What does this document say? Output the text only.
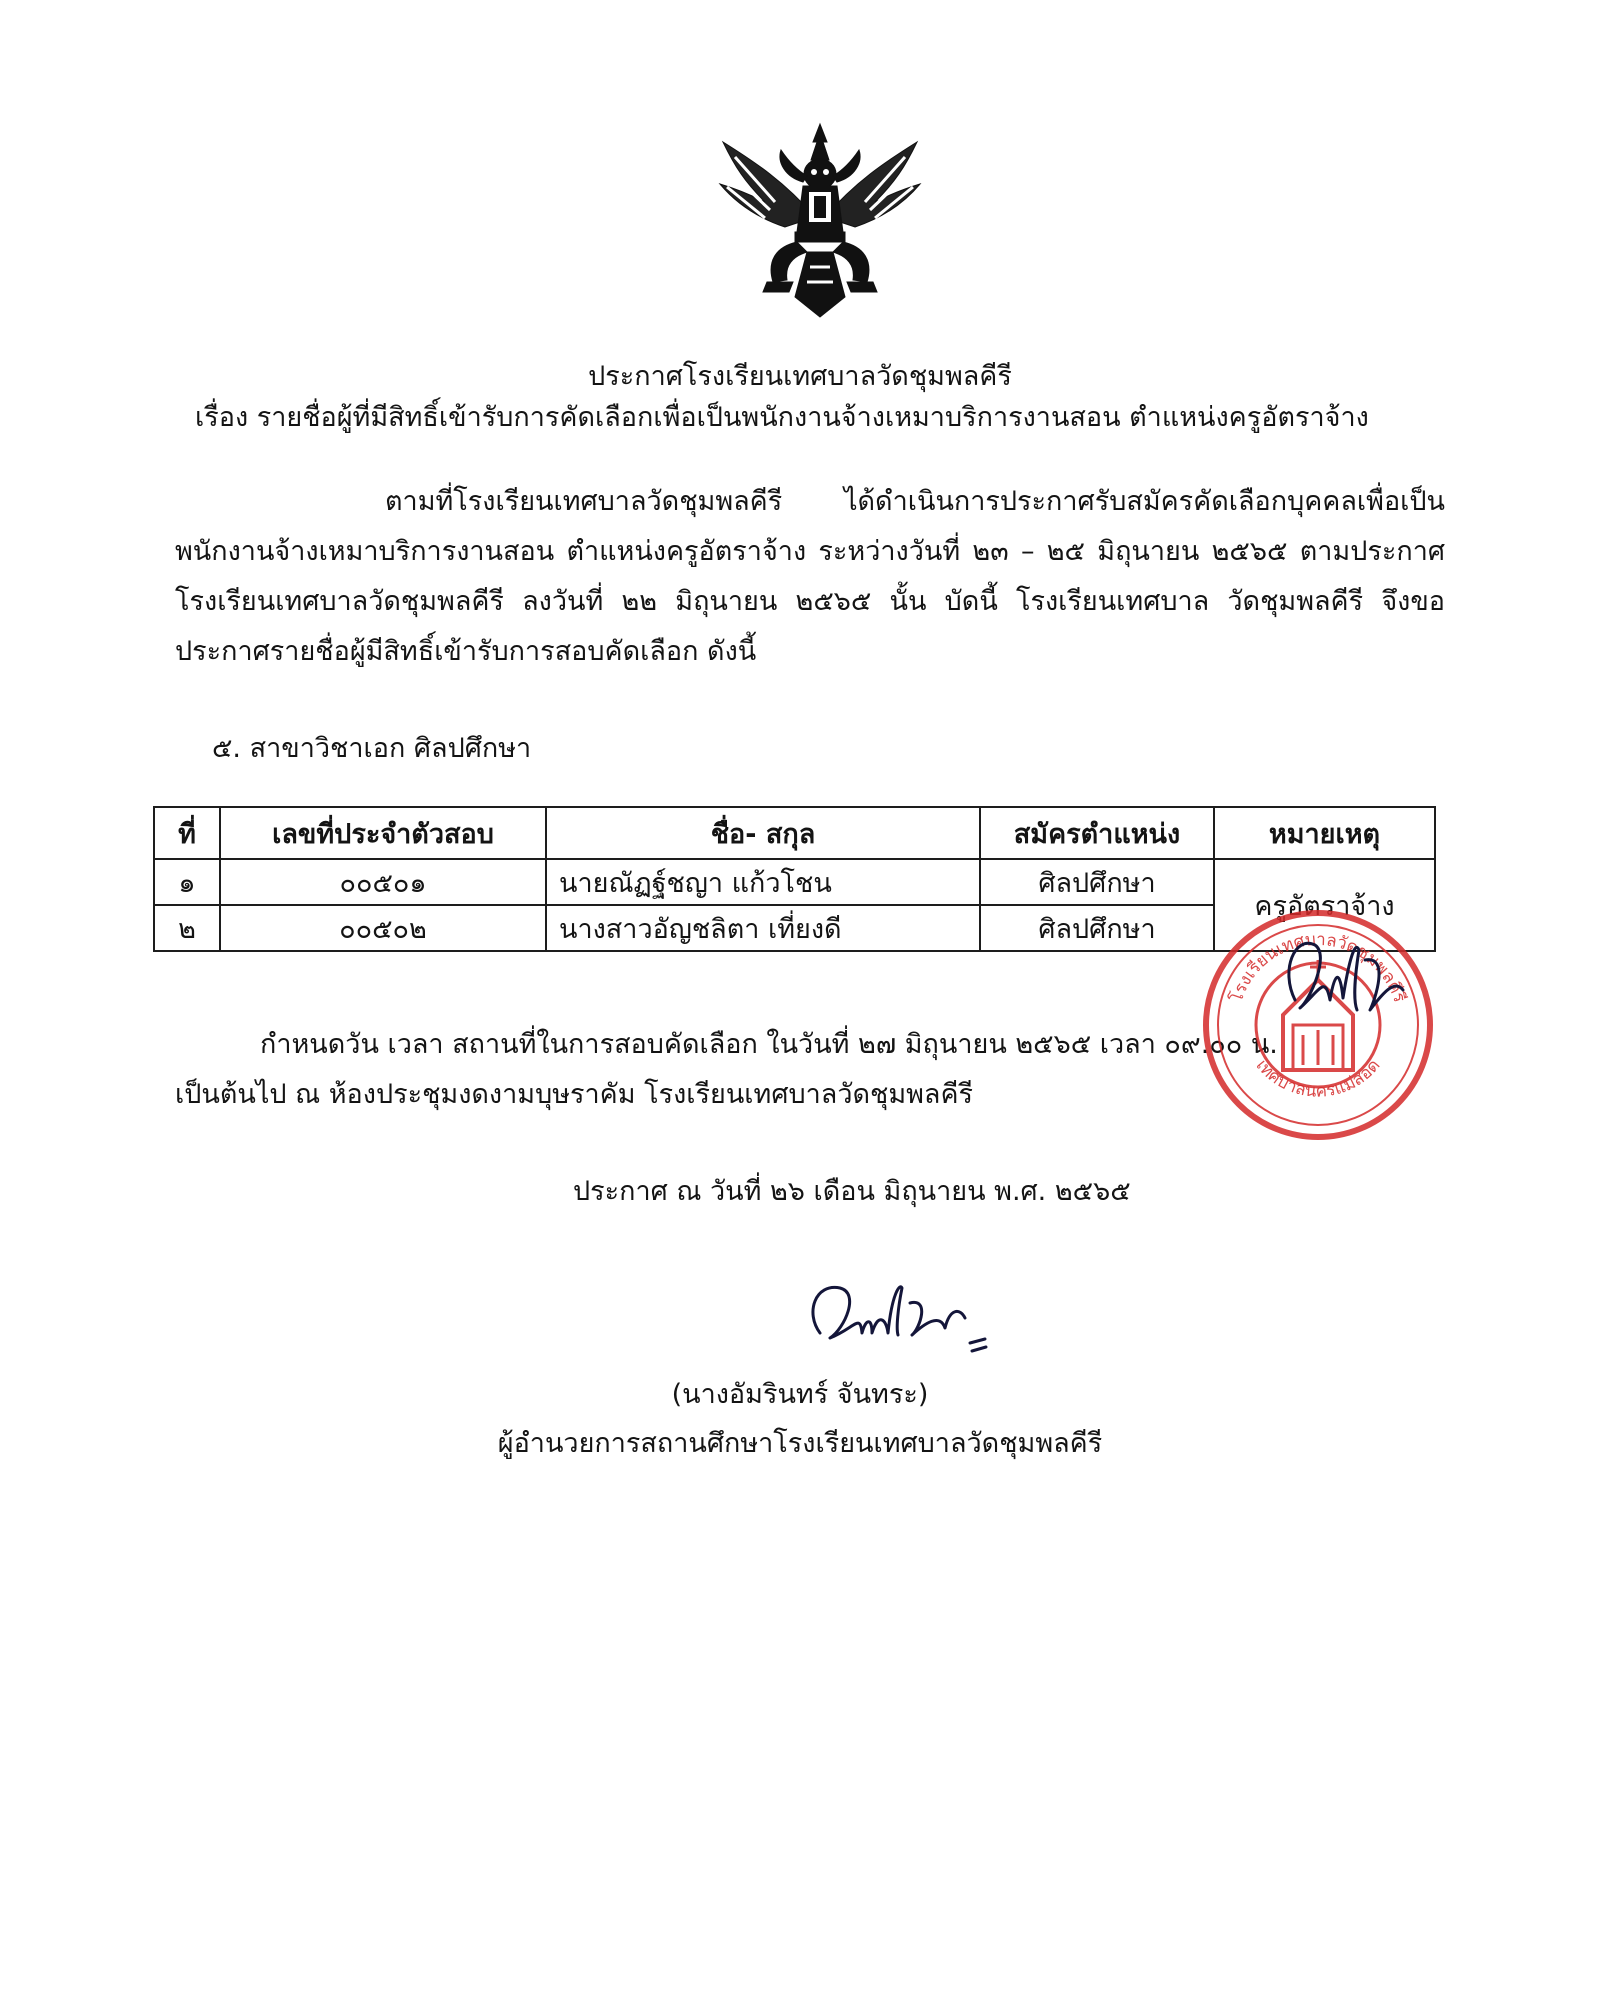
ประกาศโรงเรียนเทศบาลวัดชุมพลคีรี
เรื่อง รายชื่อผู้ที่มีสิทธิ์เข้ารับการคัดเลือกเพื่อเป็นพนักงานจ้างเหมาบริการงานสอน ตำแหน่งครูอัตราจ้าง
ตามที่โรงเรียนเทศบาลวัดชุมพลคีรี ได้ดำเนินการประกาศรับสมัครคัดเลือกบุคคลเพื่อเป็น พนักงานจ้างเหมาบริการงานสอน ตำแหน่งครูอัตราจ้าง ระหว่างวันที่ ๒๓ – ๒๕ มิถุนายน ๒๕๖๕ ตามประกาศโรงเรียนเทศบาลวัดชุมพลคีรี ลงวันที่ ๒๒ มิถุนายน ๒๕๖๕ นั้น บัดนี้ โรงเรียนเทศบาล วัดชุมพลคีรี จึงขอประกาศรายชื่อผู้มีสิทธิ์เข้ารับการสอบคัดเลือก ดังนี้
๕. สาขาวิชาเอก ศิลปศึกษา
ที่	เลขที่ประจำตัวสอบ	ชื่อ- สกุล	สมัครตำแหน่ง	หมายเหตุ
๑	๐๐๕๐๑	นายณัฏฐ์ชญา แก้วโชน	ศิลปศึกษา	ครูอัตราจ้าง
๒	๐๐๕๐๒	นางสาวอัญชลิตา เที่ยงดี	ศิลปศึกษา	
กำหนดวัน เวลา สถานที่ในการสอบคัดเลือก ในวันที่ ๒๗ มิถุนายน ๒๕๖๕ เวลา ๐๙.๐๐ น.
เป็นต้นไป ณ ห้องประชุมงดงามบุษราคัม โรงเรียนเทศบาลวัดชุมพลคีรี
ประกาศ ณ วันที่ ๒๖ เดือน มิถุนายน พ.ศ. ๒๕๖๕
(นางอัมรินทร์ จันทระ)
ผู้อำนวยการสถานศึกษาโรงเรียนเทศบาลวัดชุมพลคีรี
โรงเรียนเทศบาลวัดชุมพลคีรี
เทศบาลนครแม่สอด
